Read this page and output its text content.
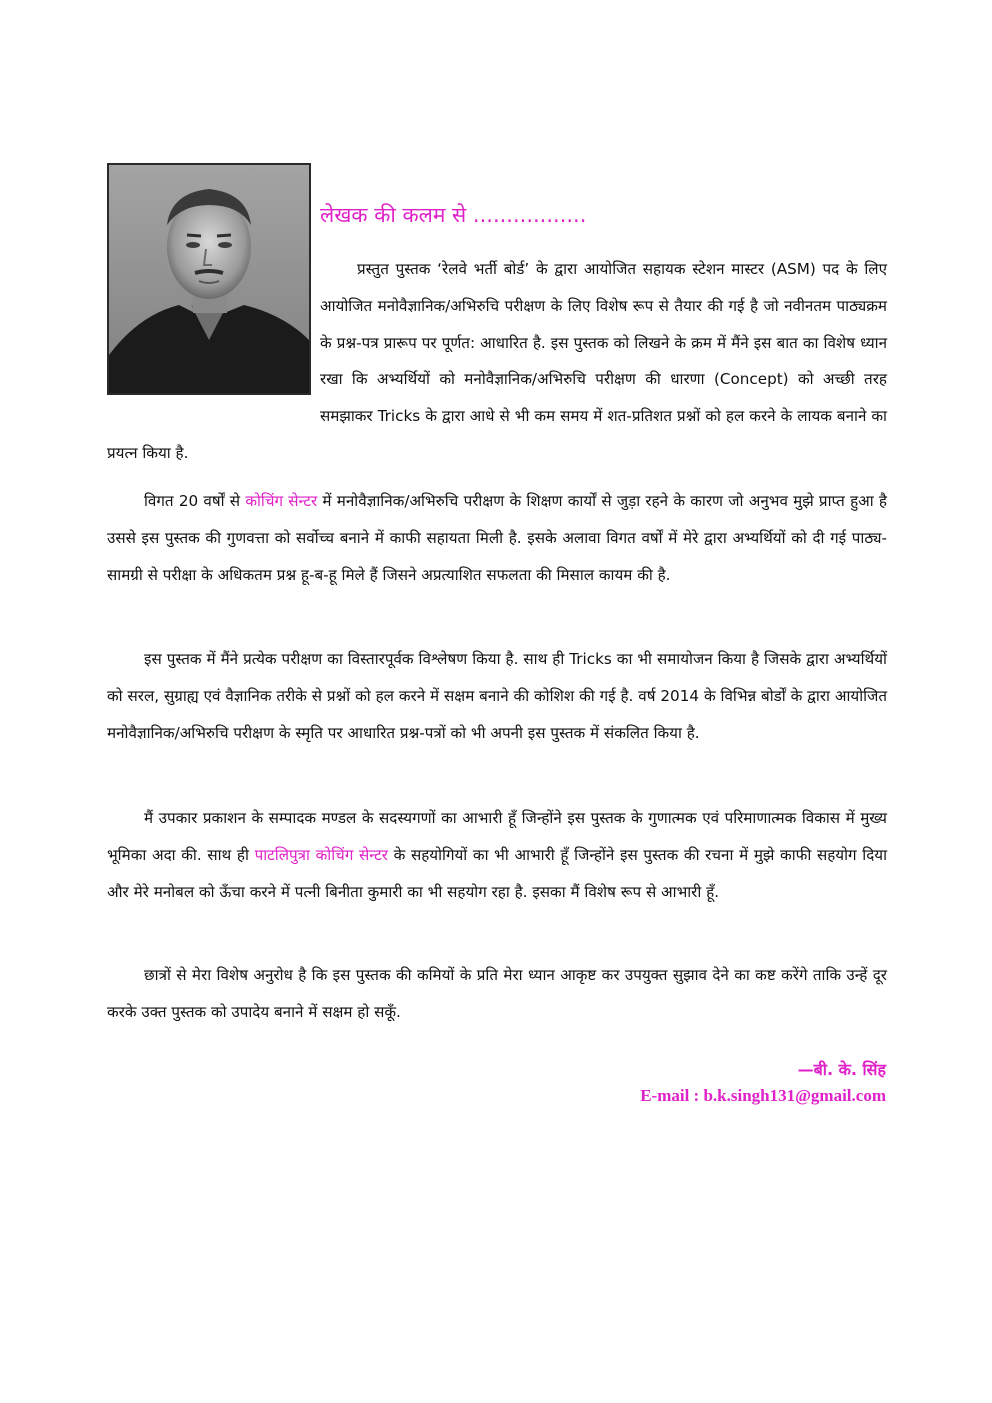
लेखक की कलम से .................
प्रस्तुत पुस्तक ‘रेलवे भर्ती बोर्ड’ के द्वारा आयोजित सहायक स्टेशन मास्टर (ASM) पद के लिए आयोजित मनोवैज्ञानिक/अभिरुचि परीक्षण के लिए विशेष रूप से तैयार की गई है जो नवीनतम पाठ्यक्रम के प्रश्न-पत्र प्रारूप पर पूर्णत: आधारित है. इस पुस्तक को लिखने के क्रम में मैंने इस बात का विशेष ध्यान रखा कि अभ्यर्थियों को मनोवैज्ञानिक/अभिरुचि परीक्षण की धारणा (Concept) को अच्छी तरह समझाकर Tricks के द्वारा आधे से भी कम समय में शत-प्रतिशत प्रश्नों को हल करने के लायक बनाने का प्रयत्न किया है.
विगत 20 वर्षों से कोचिंग सेन्टर में मनोवैज्ञानिक/अभिरुचि परीक्षण के शिक्षण कार्यों से जुड़ा रहने के कारण जो अनुभव मुझे प्राप्त हुआ है उससे इस पुस्तक की गुणवत्ता को सर्वोच्च बनाने में काफी सहायता मिली है. इसके अलावा विगत वर्षों में मेरे द्वारा अभ्यर्थियों को दी गई पाठ्य-सामग्री से परीक्षा के अधिकतम प्रश्न हू-ब-हू मिले हैं जिसने अप्रत्याशित सफलता की मिसाल कायम की है.
इस पुस्तक में मैंने प्रत्येक परीक्षण का विस्तारपूर्वक विश्लेषण किया है. साथ ही Tricks का भी समायोजन किया है जिसके द्वारा अभ्यर्थियों को सरल, सुग्राह्य एवं वैज्ञानिक तरीके से प्रश्नों को हल करने में सक्षम बनाने की कोशिश की गई है. वर्ष 2014 के विभिन्न बोर्डों के द्वारा आयोजित मनोवैज्ञानिक/अभिरुचि परीक्षण के स्मृति पर आधारित प्रश्न-पत्रों को भी अपनी इस पुस्तक में संकलित किया है.
मैं उपकार प्रकाशन के सम्पादक मण्डल के सदस्यगणों का आभारी हूँ जिन्होंने इस पुस्तक के गुणात्मक एवं परिमाणात्मक विकास में मुख्य भूमिका अदा की. साथ ही पाटलिपुत्रा कोचिंग सेन्टर के सहयोगियों का भी आभारी हूँ जिन्होंने इस पुस्तक की रचना में मुझे काफी सहयोग दिया और मेरे मनोबल को ऊँचा करने में पत्नी बिनीता कुमारी का भी सहयोग रहा है. इसका मैं विशेष रूप से आभारी हूँ.
छात्रों से मेरा विशेष अनुरोध है कि इस पुस्तक की कमियों के प्रति मेरा ध्यान आकृष्ट कर उपयुक्त सुझाव देने का कष्ट करेंगे ताकि उन्हें दूर करके उक्त पुस्तक को उपादेय बनाने में सक्षम हो सकूँ.
—बी. के. सिंह
E-mail : b.k.singh131@gmail.com
